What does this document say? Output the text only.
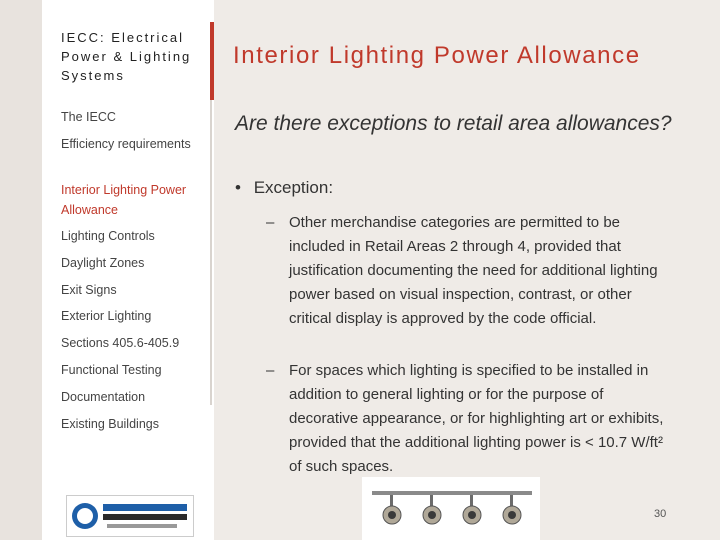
IECC: Electrical Power & Lighting Systems
The IECC
Efficiency requirements
Interior Lighting Power Allowance
Lighting Controls
Daylight Zones
Exit Signs
Exterior Lighting
Sections 405.6-405.9
Functional Testing
Documentation
Existing Buildings
Interior Lighting Power Allowance
Are there exceptions to retail area allowances?
• Exception:
– Other merchandise categories are permitted to be included in Retail Areas 2 through 4, provided that justification documenting the need for additional lighting power based on visual inspection, contrast, or other critical display is approved by the code official.
– For spaces which lighting is specified to be installed in addition to general lighting or for the purpose of decorative appearance, or for highlighting art or exhibits, provided that the additional lighting power is < 10.7 W/ft² of such spaces.
30
